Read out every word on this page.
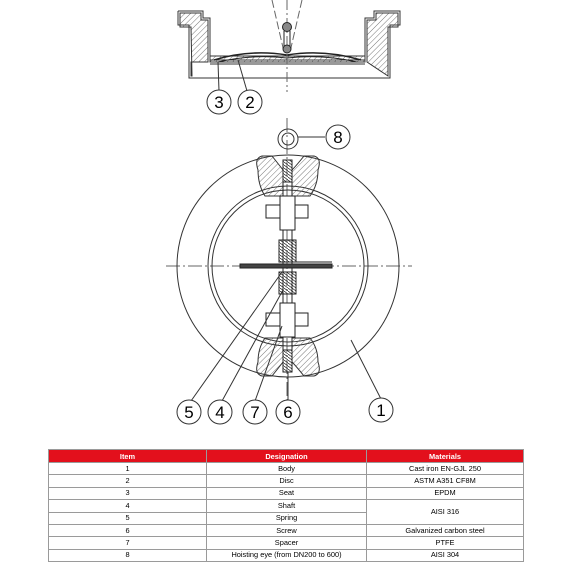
3 2
8
5 4 7 6	1
Item	Designation	Materials
1	Body	Cast iron EN-GJL 250
2	Disc	ASTM A351 CF8M
3	Seat	EPDM
4	Shaft	AISI 316
5	Spring	
6	Screw	Galvanized carbon steel
7	Spacer	PTFE
8	Hoisting eye (from DN200 to 600)	AISI 304
